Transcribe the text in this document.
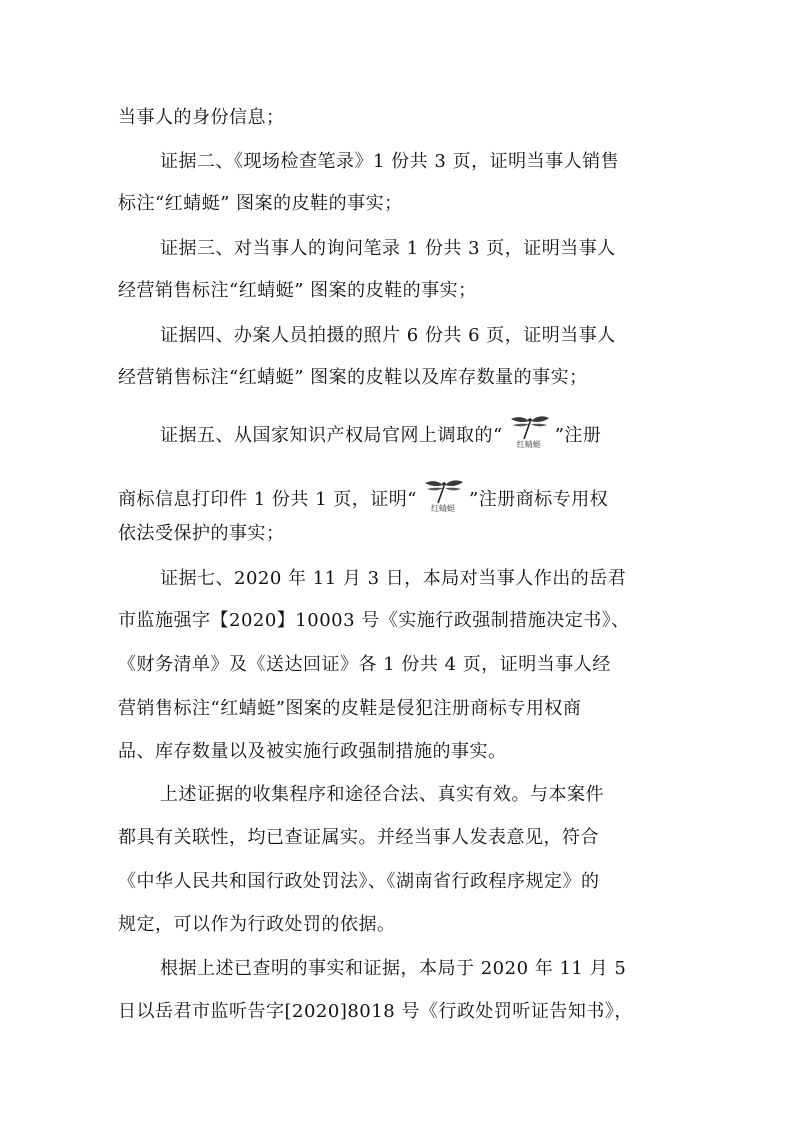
当事人的身份信息；
证据二、《现场检查笔录》1 份共 3 页，证明当事人销售
标注“红蜻蜓” 图案的皮鞋的事实；
证据三、对当事人的询问笔录 1 份共 3 页，证明当事人
经营销售标注“红蜻蜓” 图案的皮鞋的事实；
证据四、办案人员拍摄的照片 6 份共 6 页，证明当事人
经营销售标注“红蜻蜓” 图案的皮鞋以及库存数量的事实；
证据五、从国家知识产权局官网上调取的“ 红蜻蜓 ”注册
商标信息打印件 1 份共 1 页，证明“ 红蜻蜓 ”注册商标专用权
依法受保护的事实；
证据七、2020 年 11 月 3 日，本局对当事人作出的岳君
市监施强字【2020】10003 号《实施行政强制措施决定书》、
《财务清单》及《送达回证》各 1 份共 4 页，证明当事人经
营销售标注“红蜻蜓”图案的皮鞋是侵犯注册商标专用权商
品、库存数量以及被实施行政强制措施的事实。
上述证据的收集程序和途径合法、真实有效。与本案件
都具有关联性，均已查证属实。并经当事人发表意见，符合
《中华人民共和国行政处罚法》、《湖南省行政程序规定》的
规定，可以作为行政处罚的依据。
根据上述已查明的事实和证据，本局于 2020 年 11 月 5
日以岳君市监听告字[2020]8018 号《行政处罚听证告知书》，
